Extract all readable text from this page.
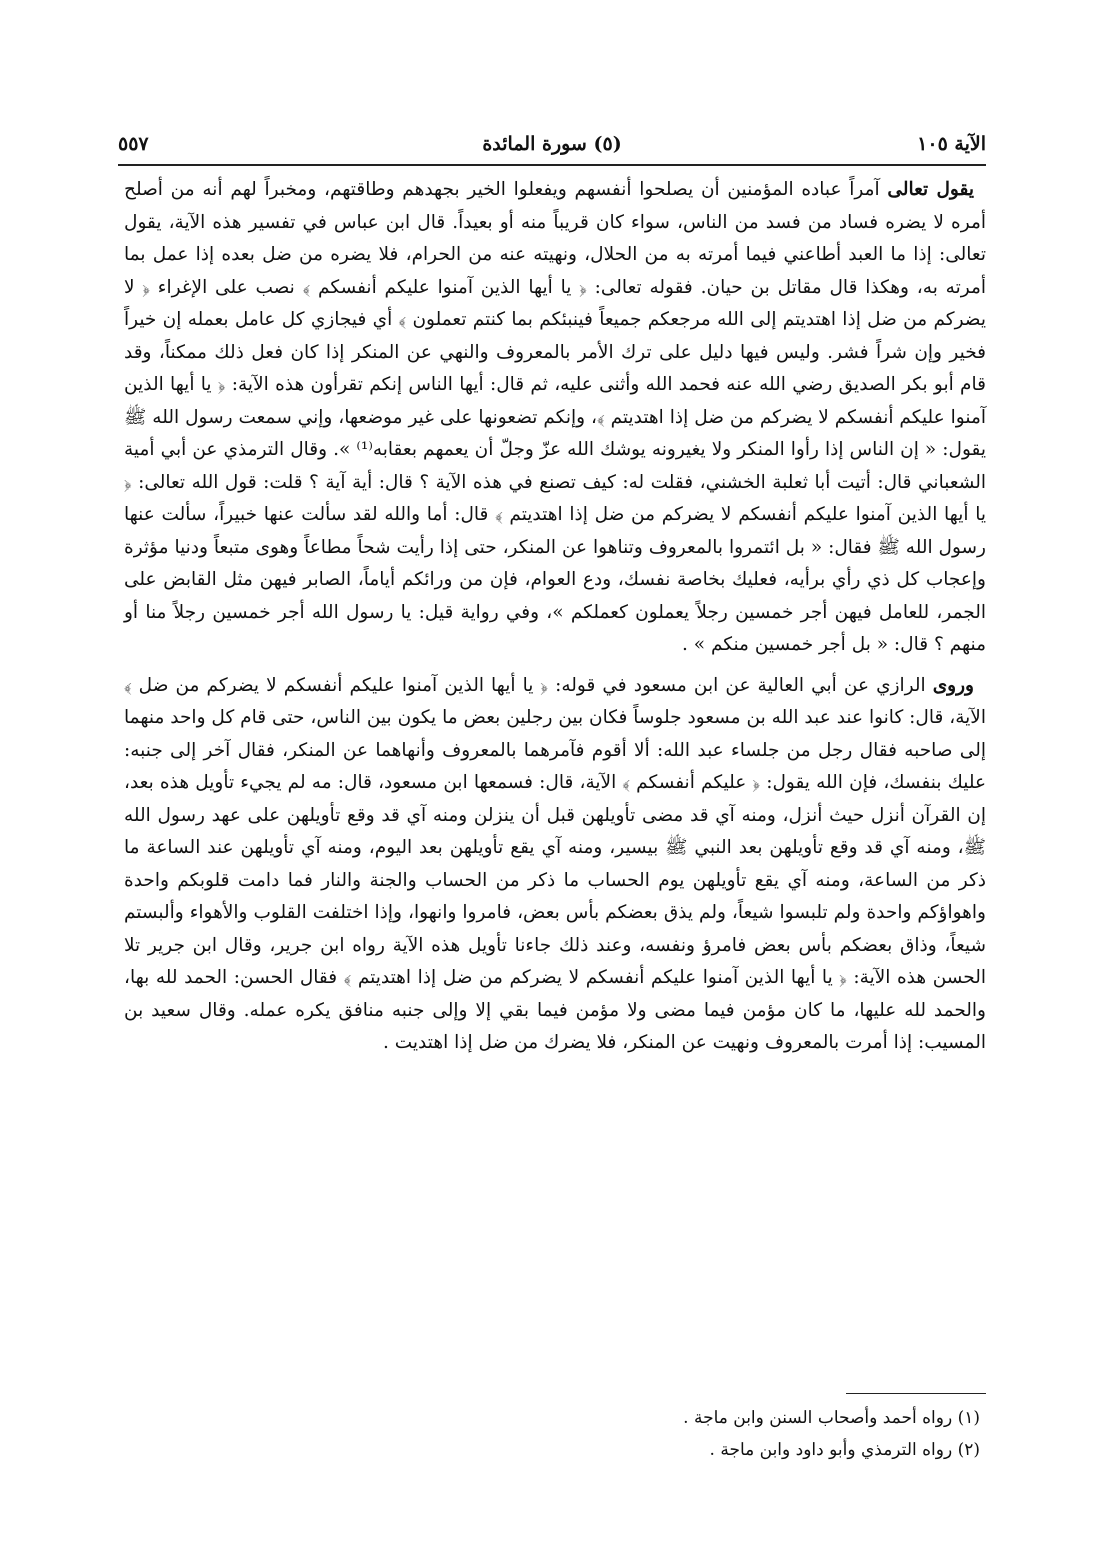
الآية ١٠٥
(٥) سورة المائدة
٥٥٧

يقول تعالى آمراً عباده المؤمنين أن يصلحوا أنفسهم ويفعلوا الخير بجهدهم وطاقتهم، ومخبراً لهم أنه من أصلح أمره لا يضره فساد من فسد من الناس، سواء كان قريباً منه أو بعيداً. قال ابن عباس في تفسير هذه الآية، يقول تعالى: إذا ما العبد أطاعني فيما أمرته به من الحلال، ونهيته عنه من الحرام، فلا يضره من ضل بعده إذا عمل بما أمرته به، وهكذا قال مقاتل بن حيان. فقوله تعالى: ﴿ يا أيها الذين آمنوا عليكم أنفسكم ﴾ نصب على الإغراء ﴿ لا يضركم من ضل إذا اهتديتم إلى الله مرجعكم جميعاً فينبئكم بما كنتم تعملون ﴾ أي فيجازي كل عامل بعمله إن خيراً فخير وإن شراً فشر. وليس فيها دليل على ترك الأمر بالمعروف والنهي عن المنكر إذا كان فعل ذلك ممكناً، وقد قام أبو بكر الصديق رضي الله عنه فحمد الله وأثنى عليه، ثم قال: أيها الناس إنكم تقرأون هذه الآية: ﴿ يا أيها الذين آمنوا عليكم أنفسكم لا يضركم من ضل إذا اهتديتم ﴾، وإنكم تضعونها على غير موضعها، وإني سمعت رسول الله ﷺ يقول: « إن الناس إذا رأوا المنكر ولا يغيرونه يوشك الله عزّ وجلّ أن يعمهم بعقابه⁽¹⁾ ». وقال الترمذي عن أبي أمية الشعباني قال: أتيت أبا ثعلبة الخشني، فقلت له: كيف تصنع في هذه الآية ؟ قال: أية آية ؟ قلت: قول الله تعالى: ﴿ يا أيها الذين آمنوا عليكم أنفسكم لا يضركم من ضل إذا اهتديتم ﴾ قال: أما والله لقد سألت عنها خبيراً، سألت عنها رسول الله ﷺ فقال: « بل ائتمروا بالمعروف وتناهوا عن المنكر، حتى إذا رأيت شحاً مطاعاً وهوى متبعاً ودنيا مؤثرة وإعجاب كل ذي رأي برأيه، فعليك بخاصة نفسك، ودع العوام، فإن من ورائكم أياماً، الصابر فيهن مثل القابض على الجمر، للعامل فيهن أجر خمسين رجلاً يعملون كعملكم »، وفي رواية قيل: يا رسول الله أجر خمسين رجلاً منا أو منهم ؟ قال: « بل أجر خمسين منكم » .

وروى الرازي عن أبي العالية عن ابن مسعود في قوله: ﴿ يا أيها الذين آمنوا عليكم أنفسكم لا يضركم من ضل ﴾ الآية، قال: كانوا عند عبد الله بن مسعود جلوساً فكان بين رجلين بعض ما يكون بين الناس، حتى قام كل واحد منهما إلى صاحبه فقال رجل من جلساء عبد الله: ألا أقوم فآمرهما بالمعروف وأنهاهما عن المنكر، فقال آخر إلى جنبه: عليك بنفسك، فإن الله يقول: ﴿ عليكم أنفسكم ﴾ الآية، قال: فسمعها ابن مسعود، قال: مه لم يجيء تأويل هذه بعد، إن القرآن أنزل حيث أنزل، ومنه آي قد مضى تأويلهن قبل أن ينزلن ومنه آي قد وقع تأويلهن على عهد رسول الله ﷺ، ومنه آي قد وقع تأويلهن بعد النبي ﷺ بيسير، ومنه آي يقع تأويلهن بعد اليوم، ومنه آي تأويلهن عند الساعة ما ذكر من الساعة، ومنه آي يقع تأويلهن يوم الحساب ما ذكر من الحساب والجنة والنار فما دامت قلوبكم واحدة واهواؤكم واحدة ولم تلبسوا شيعاً، ولم يذق بعضكم بأس بعض، فامروا وانهوا، وإذا اختلفت القلوب والأهواء وألبستم شيعاً، وذاق بعضكم بأس بعض فامرؤ ونفسه، وعند ذلك جاءنا تأويل هذه الآية رواه ابن جرير، وقال ابن جرير تلا الحسن هذه الآية: ﴿ يا أيها الذين آمنوا عليكم أنفسكم لا يضركم من ضل إذا اهتديتم ﴾ فقال الحسن: الحمد لله بها، والحمد لله عليها، ما كان مؤمن فيما مضى ولا مؤمن فيما بقي إلا وإلى جنبه منافق يكره عمله. وقال سعيد بن المسيب: إذا أمرت بالمعروف ونهيت عن المنكر، فلا يضرك من ضل إذا اهتديت .

(١) رواه أحمد وأصحاب السنن وابن ماجة .

(٢) رواه الترمذي وأبو داود وابن ماجة .
